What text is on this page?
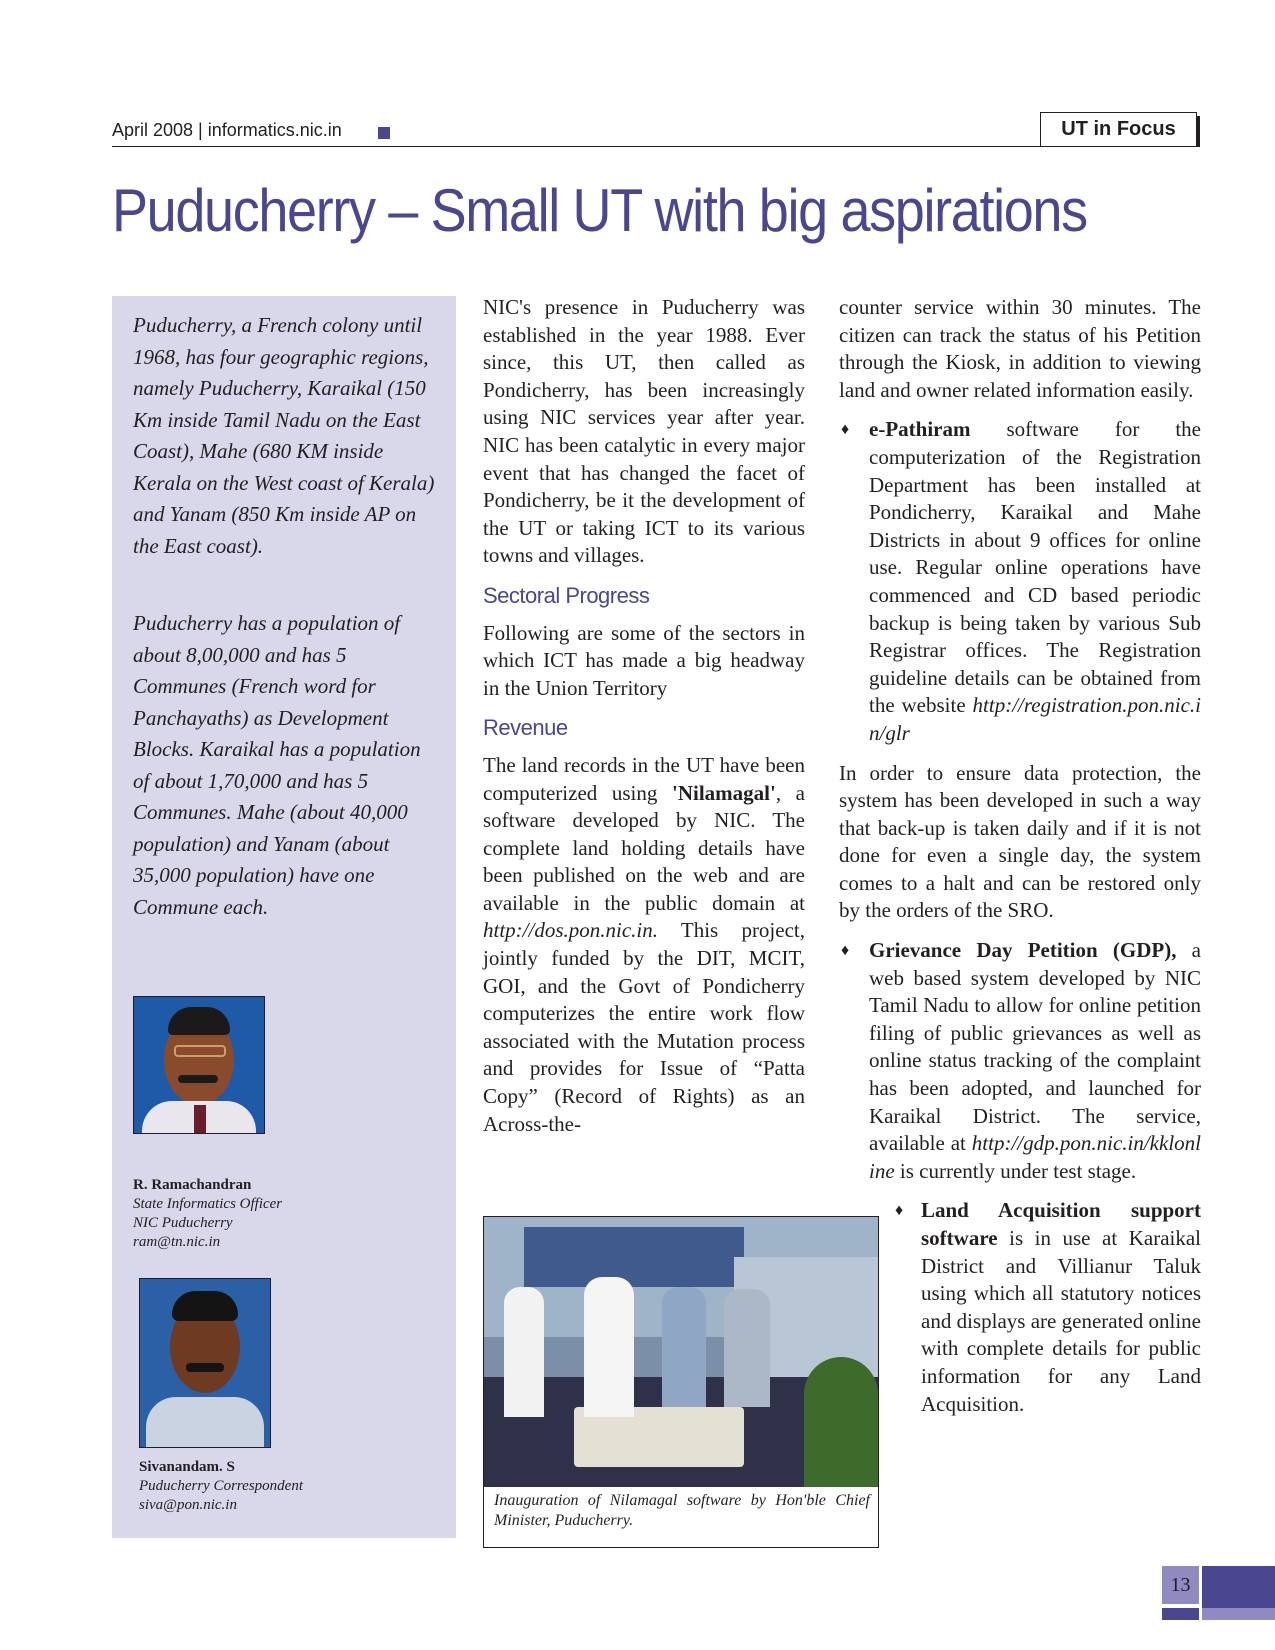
April 2008 | informatics.nic.in	UT in Focus
Puducherry – Small UT with big aspirations

Puducherry, a French colony until 1968, has four geographic regions, namely Puducherry, Karaikal (150 Km inside Tamil Nadu on the East Coast), Mahe (680 KM inside Kerala on the West coast of Kerala) and Yanam (850 Km inside AP on the East coast).

Puducherry has a population of about 8,00,000 and has 5 Communes (French word for Panchayaths) as Development Blocks. Karaikal has a population of about 1,70,000 and has 5 Communes. Mahe (about 40,000 population) and Yanam (about 35,000 population) have one Commune each.

R. Ramachandran
State Informatics Officer
NIC Puducherry
ram@tn.nic.in
Sivanandam. S
Puducherry Correspondent
siva@pon.nic.in

NIC's presence in Puducherry was established in the year 1988. Ever since, this UT, then called as Pondicherry, has been increasingly using NIC services year after year. NIC has been catalytic in every major event that has changed the facet of Pondicherry, be it the development of the UT or taking ICT to its various towns and villages.

Sectoral Progress

Following are some of the sectors in which ICT has made a big headway in the Union Territory

Revenue

The land records in the UT have been computerized using 'Nilamagal', a software developed by NIC. The complete land holding details have been published on the web and are available in the public domain at http://dos.pon.nic.in. This project, jointly funded by the DIT, MCIT, GOI, and the Govt of Pondicherry computerizes the entire work flow associated with the Mutation process and provides for Issue of “Patta Copy” (Record of Rights) as an Across-the-

Inauguration of Nilamagal software by Hon'ble Chief Minister, Puducherry.

counter service within 30 minutes. The citizen can track the status of his Petition through the Kiosk, in addition to viewing land and owner related information easily.

♦ e-Pathiram software for the computerization of the Registration Department has been installed at Pondicherry, Karaikal and Mahe Districts in about 9 offices for online use. Regular online operations have commenced and CD based periodic backup is being taken by various Sub Registrar offices. The Registration guideline details can be obtained from the website http://registration.pon.nic.in/glr

In order to ensure data protection, the system has been developed in such a way that back-up is taken daily and if it is not done for even a single day, the system comes to a halt and can be restored only by the orders of the SRO.

♦ Grievance Day Petition (GDP), a web based system developed by NIC Tamil Nadu to allow for online petition filing of public grievances as well as online status tracking of the complaint has been adopted, and launched for Karaikal District. The service, available at http://gdp.pon.nic.in/kklonline is currently under test stage.
♦ Land Acquisition support software is in use at Karaikal District and Villianur Taluk using which all statutory notices and displays are generated online with complete details for public information for any Land Acquisition.
13
